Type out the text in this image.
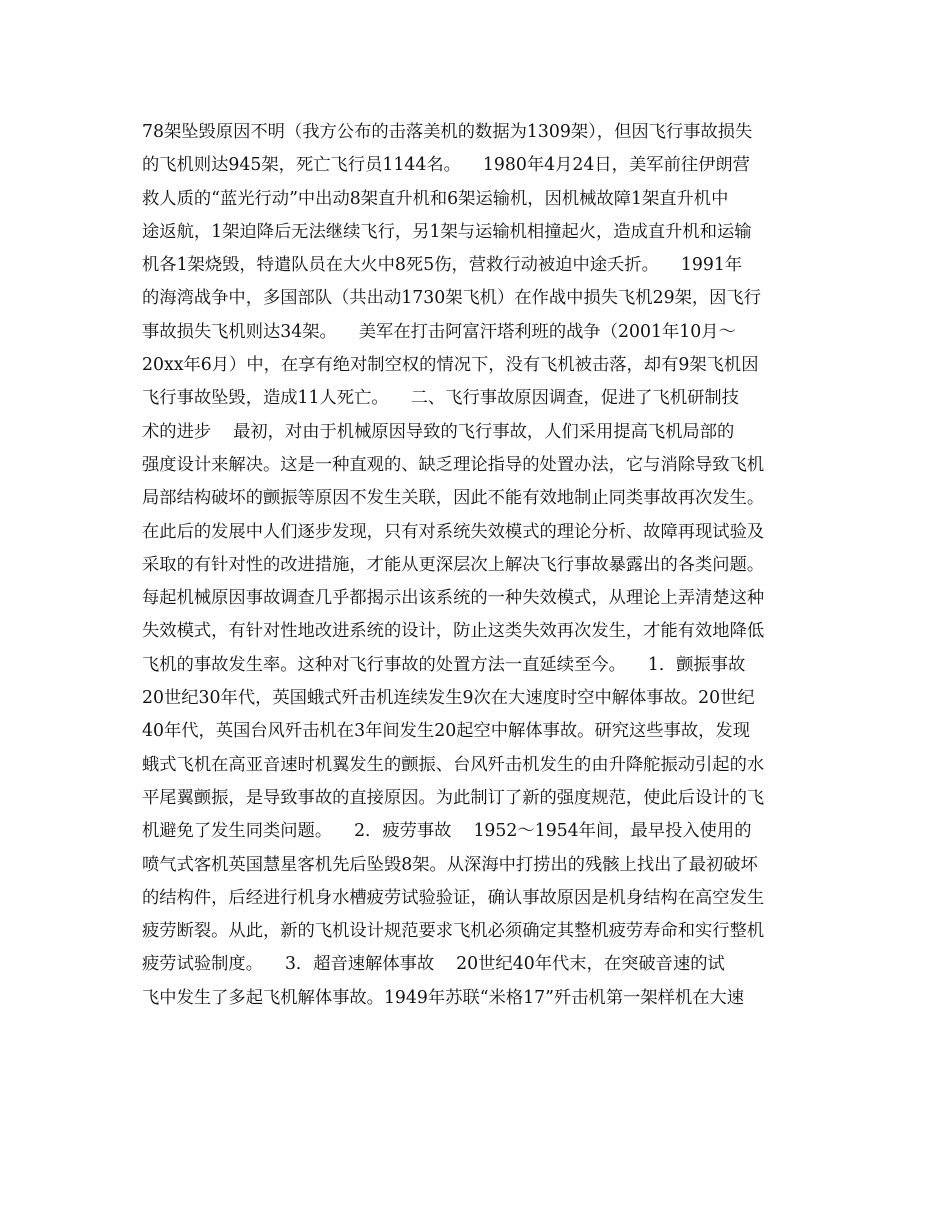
78架坠毁原因不明（我方公布的击落美机的数据为1309架），但因飞行事故损失
的飞机则达945架，死亡飞行员1144名。    1980年4月24日，美军前往伊朗营
救人质的“蓝光行动”中出动8架直升机和6架运输机，因机械故障1架直升机中
途返航，1架迫降后无法继续飞行，另1架与运输机相撞起火，造成直升机和运输
机各1架烧毁，特遣队员在大火中8死5伤，营救行动被迫中途夭折。    1991年
的海湾战争中，多国部队（共出动1730架飞机）在作战中损失飞机29架，因飞行
事故损失飞机则达34架。    美军在打击阿富汗塔利班的战争（2001年10月～
20xx年6月）中，在享有绝对制空权的情况下，没有飞机被击落，却有9架飞机因
飞行事故坠毁，造成11人死亡。    二、飞行事故原因调查，促进了飞机研制技
术的进步    最初，对由于机械原因导致的飞行事故，人们采用提高飞机局部的
强度设计来解决。这是一种直观的、缺乏理论指导的处置办法，它与消除导致飞机
局部结构破坏的颤振等原因不发生关联，因此不能有效地制止同类事故再次发生。
在此后的发展中人们逐步发现，只有对系统失效模式的理论分析、故障再现试验及
采取的有针对性的改进措施，才能从更深层次上解决飞行事故暴露出的各类问题。
每起机械原因事故调查几乎都揭示出该系统的一种失效模式，从理论上弄清楚这种
失效模式，有针对性地改进系统的设计，防止这类失效再次发生，才能有效地降低
飞机的事故发生率。这种对飞行事故的处置方法一直延续至今。    1．颤振事故
20世纪30年代，英国蛾式歼击机连续发生9次在大速度时空中解体事故。20世纪
40年代，英国台风歼击机在3年间发生20起空中解体事故。研究这些事故，发现
蛾式飞机在高亚音速时机翼发生的颤振、台风歼击机发生的由升降舵振动引起的水
平尾翼颤振，是导致事故的直接原因。为此制订了新的强度规范，使此后设计的飞
机避免了发生同类问题。    2．疲劳事故    1952～1954年间，最早投入使用的
喷气式客机英国慧星客机先后坠毁8架。从深海中打捞出的残骸上找出了最初破坏
的结构件，后经进行机身水槽疲劳试验验证，确认事故原因是机身结构在高空发生
疲劳断裂。从此，新的飞机设计规范要求飞机必须确定其整机疲劳寿命和实行整机
疲劳试验制度。    3．超音速解体事故    20世纪40年代末，在突破音速的试
飞中发生了多起飞机解体事故。1949年苏联“米格17”歼击机第一架样机在大速
